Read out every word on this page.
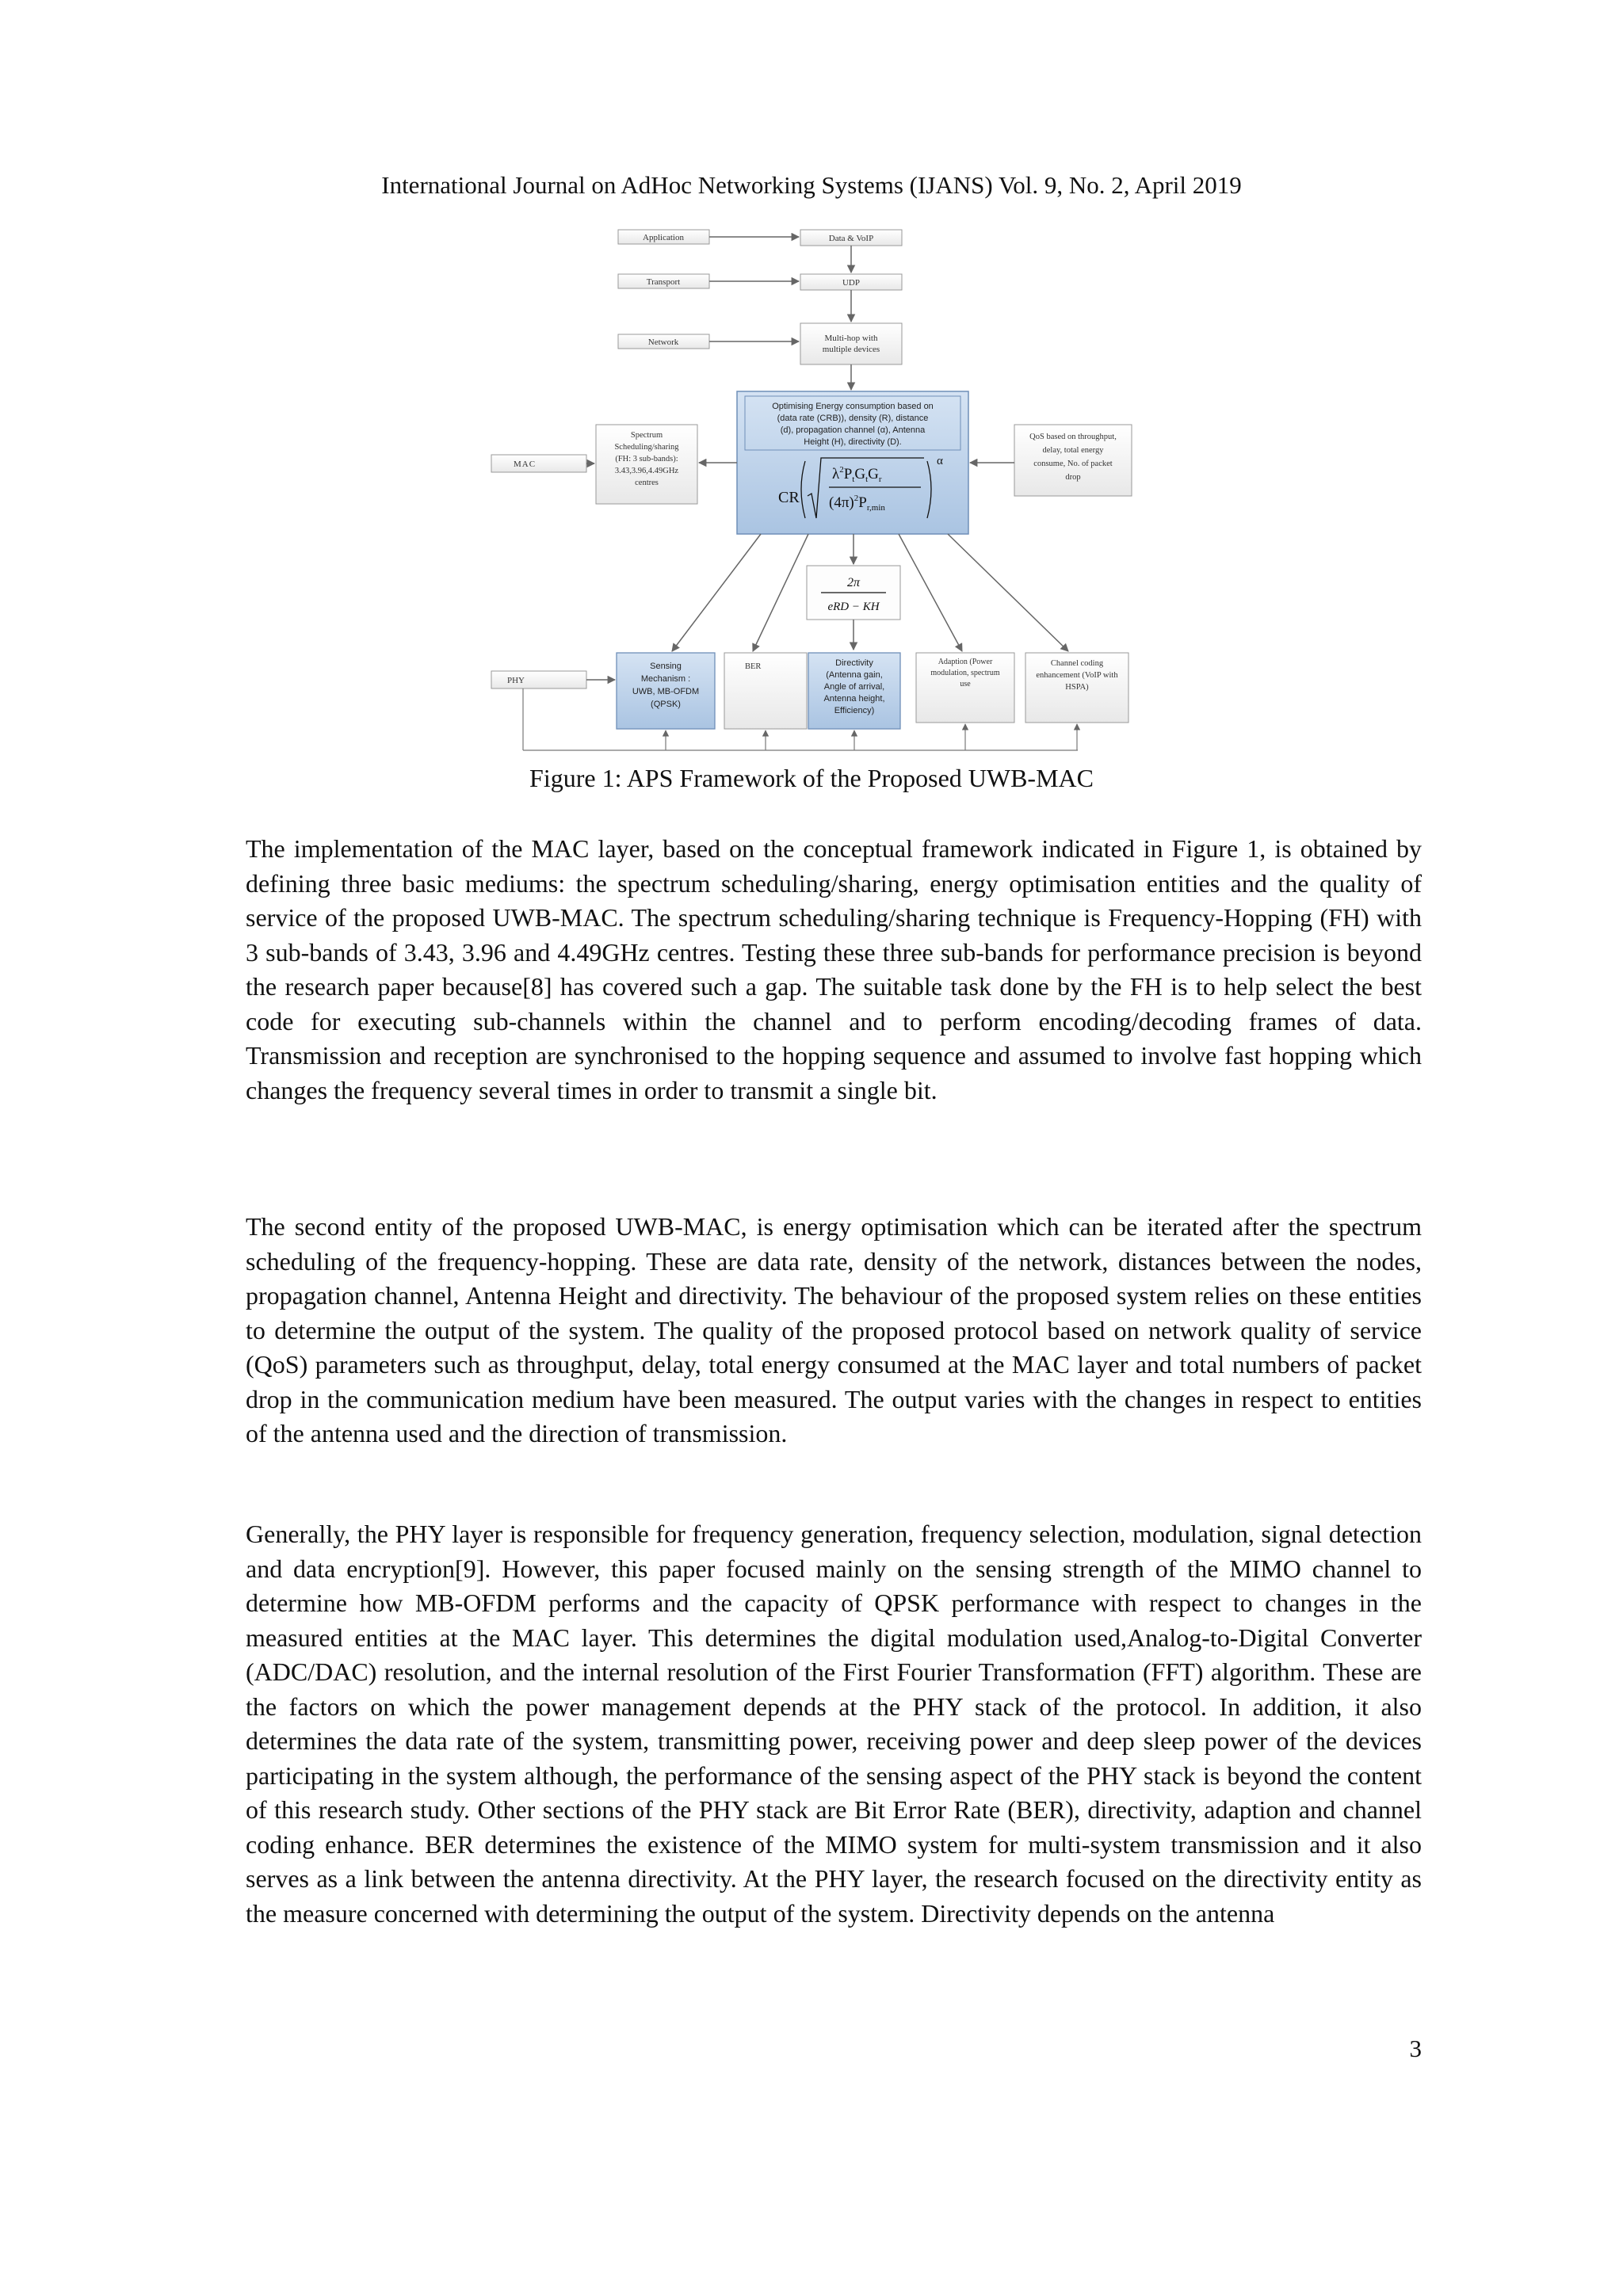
International Journal on AdHoc Networking Systems (IJANS) Vol. 9, No. 2, April 2019
Application
Transport
Network
MAC
PHY
Data & VoIP
UDP
Multi-hop with
multiple devices
Spectrum
Scheduling/sharing
(FH: 3 sub-bands):
3.43,3.96,4.49GHz
centres
Optimising Energy consumption based on
(data rate (CRB)), density (R), distance
(d), propagation channel (α), Antenna
Height (H), directivity (D).
CR
$\lambda^2P_tG_tG_r$
$(4\pi)^2P_{r,min}$
α
QoS based on throughput,
delay, total energy
consume, No. of packet
drop
2π
eRD − KH
Sensing
Mechanism :
UWB, MB-OFDM
(QPSK)
BER	Directivity
(Antenna gain,
Angle of arrival,
Antenna height,
Efficiency)
Adaption (Power
modulation, spectrum
use
Channel coding
enhancement (VoIP with
HSPA)
Figure 1: APS Framework of the Proposed UWB-MAC

The implementation of the MAC layer, based on the conceptual framework indicated in Figure 1, is obtained by defining three basic mediums: the spectrum scheduling/sharing, energy optimisation entities and the quality of service of the proposed UWB-MAC. The spectrum scheduling/sharing technique is Frequency-Hopping (FH) with 3 sub-bands of 3.43, 3.96 and 4.49GHz centres. Testing these three sub-bands for performance precision is beyond the research paper because[8] has covered such a gap. The suitable task done by the FH is to help select the best code for executing sub-channels within the channel and to perform encoding/decoding frames of data. Transmission and reception are synchronised to the hopping sequence and assumed to involve fast hopping which changes the frequency several times in order to transmit a single bit.

The second entity of the proposed UWB-MAC, is energy optimisation which can be iterated after the spectrum scheduling of the frequency-hopping. These are data rate, density of the network, distances between the nodes, propagation channel, Antenna Height and directivity. The behaviour of the proposed system relies on these entities to determine the output of the system. The quality of the proposed protocol based on network quality of service (QoS) parameters such as throughput, delay, total energy consumed at the MAC layer and total numbers of packet drop in the communication medium have been measured. The output varies with the changes in respect to entities of the antenna used and the direction of transmission.

Generally, the PHY layer is responsible for frequency generation, frequency selection, modulation, signal detection and data encryption[9]. However, this paper focused mainly on the sensing strength of the MIMO channel to determine how MB-OFDM performs and the capacity of QPSK performance with respect to changes in the measured entities at the MAC layer. This determines the digital modulation used,Analog-to-Digital Converter (ADC/DAC) resolution, and the internal resolution of the First Fourier Transformation (FFT) algorithm. These are the factors on which the power management depends at the PHY stack of the protocol. In addition, it also determines the data rate of the system, transmitting power, receiving power and deep sleep power of the devices participating in the system although, the performance of the sensing aspect of the PHY stack is beyond the content of this research study. Other sections of the PHY stack are Bit Error Rate (BER), directivity, adaption and channel coding enhance. BER determines the existence of the MIMO system for multi-system transmission and it also serves as a link between the antenna directivity. At the PHY layer, the research focused on the directivity entity as the measure concerned with determining the output of the system. Directivity depends on the antenna

3
